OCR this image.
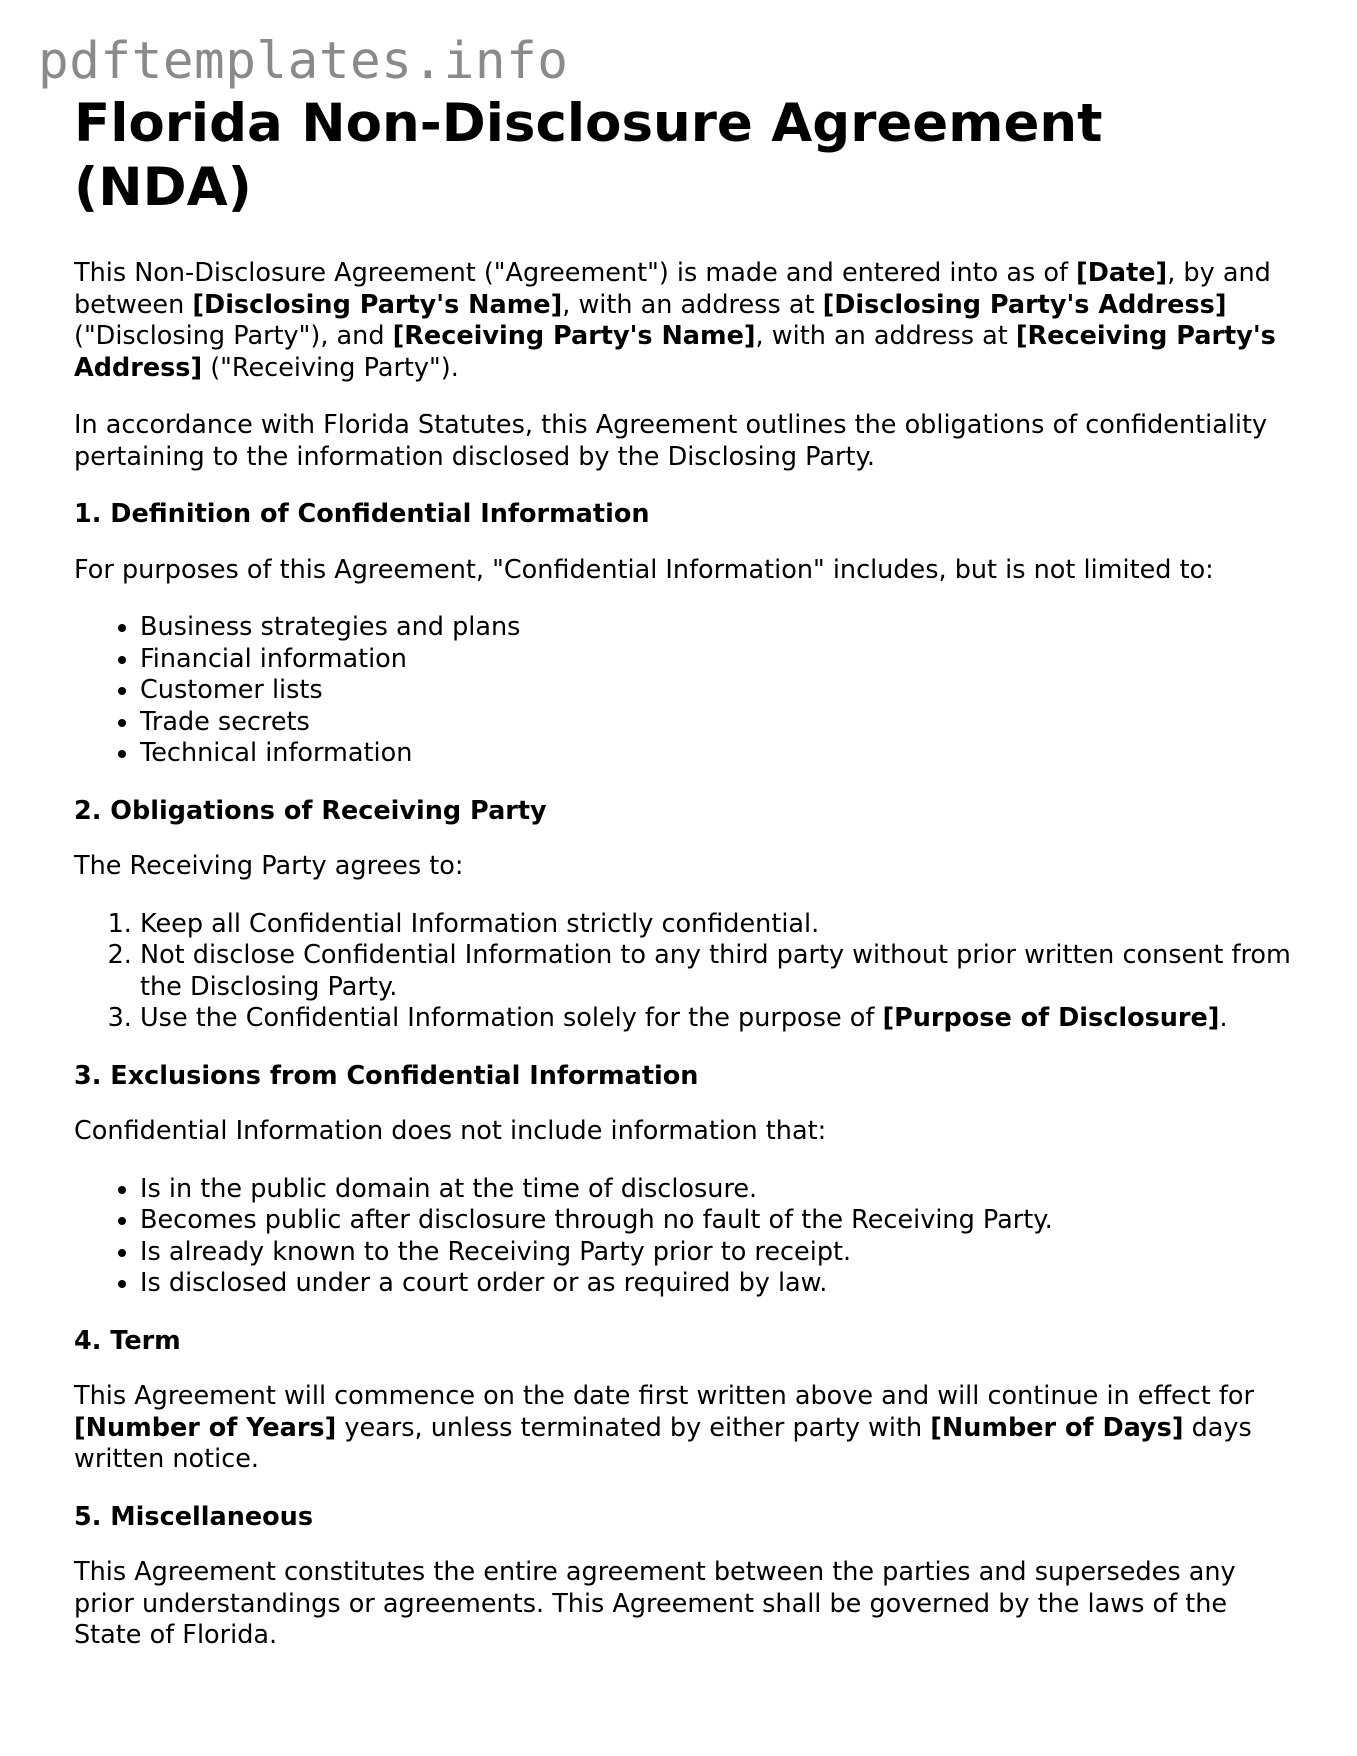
pdftemplates.info
Florida Non-Disclosure Agreement (NDA)

This Non-Disclosure Agreement ("Agreement") is made and entered into as of [Date], by and between [Disclosing Party's Name], with an address at [Disclosing Party's Address] ("Disclosing Party"), and [Receiving Party's Name], with an address at [Receiving Party's Address] ("Receiving Party").

In accordance with Florida Statutes, this Agreement outlines the obligations of confidentiality pertaining to the information disclosed by the Disclosing Party.

1. Definition of Confidential Information

For purposes of this Agreement, "Confidential Information" includes, but is not limited to:

• Business strategies and plans
• Financial information
• Customer lists
• Trade secrets
• Technical information
2. Obligations of Receiving Party

The Receiving Party agrees to:

1. Keep all Confidential Information strictly confidential.
2. Not disclose Confidential Information to any third party without prior written consent from the Disclosing Party.
3. Use the Confidential Information solely for the purpose of [Purpose of Disclosure].
3. Exclusions from Confidential Information

Confidential Information does not include information that:

• Is in the public domain at the time of disclosure.
• Becomes public after disclosure through no fault of the Receiving Party.
• Is already known to the Receiving Party prior to receipt.
• Is disclosed under a court order or as required by law.
4. Term

This Agreement will commence on the date first written above and will continue in effect for [Number of Years] years, unless terminated by either party with [Number of Days] days written notice.

5. Miscellaneous

This Agreement constitutes the entire agreement between the parties and supersedes any prior understandings or agreements. This Agreement shall be governed by the laws of the State of Florida.
